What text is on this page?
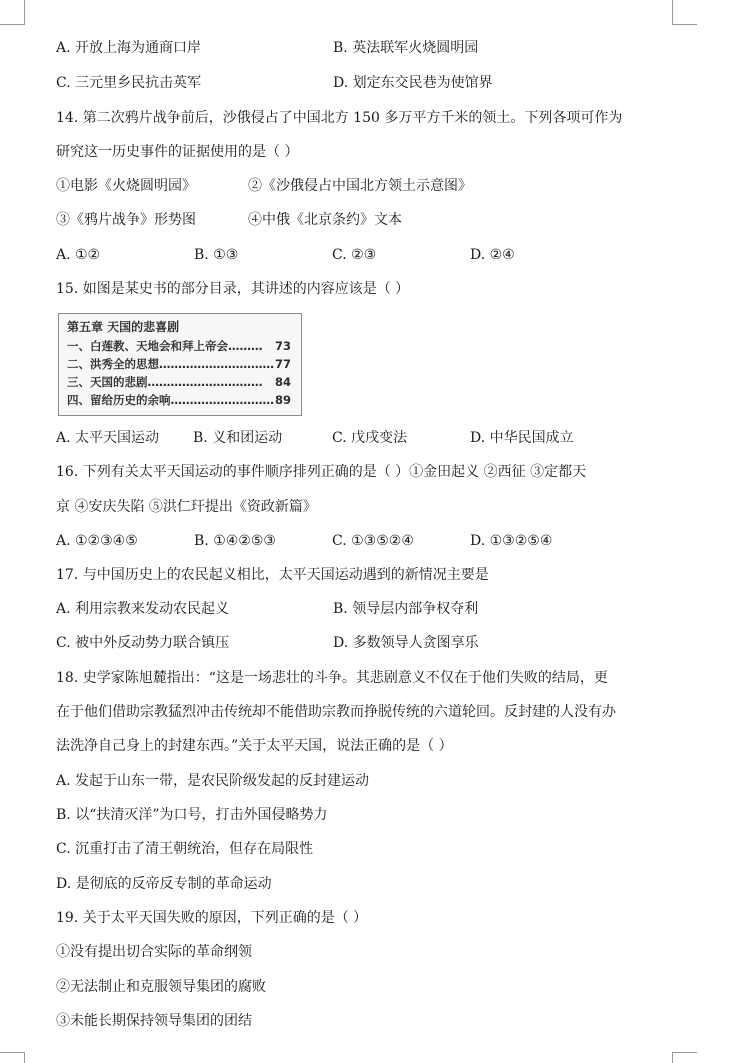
A. 开放上海为通商口岸	B. 英法联军火烧圆明园
C. 三元里乡民抗击英军	D. 划定东交民巷为使馆界
14. 第二次鸦片战争前后，沙俄侵占了中国北方 150 多万平方千米的领土。下列各项可作为
研究这一历史事件的证据使用的是（ ）
①电影《火烧圆明园》	②《沙俄侵占中国北方领土示意图》
③《鸦片战争》形势图	④中俄《北京条约》文本
A. ①②	B. ①③	C. ②③	D. ②④
15. 如图是某史书的部分目录，其讲述的内容应该是（ ）
第五章 天国的悲喜剧
一、白莲教、天地会和拜上帝会……… 73
二、洪秀全的思想………………………… 77
三、天国的悲剧………………………… 84
四、留给历史的余响……………………… 89
A. 太平天国运动 B. 义和团运动	C. 戊戌变法	D. 中华民国成立
16. 下列有关太平天国运动的事件顺序排列正确的是（ ）①金田起义 ②西征 ③定都天
京 ④安庆失陷 ⑤洪仁玕提出《资政新篇》
A. ①②③④⑤	B. ①④②⑤③	C. ①③⑤②④	D. ①③②⑤④
17. 与中国历史上的农民起义相比，太平天国运动遇到的新情况主要是
A. 利用宗教来发动农民起义	B. 领导层内部争权夺利
C. 被中外反动势力联合镇压	D. 多数领导人贪图享乐
18. 史学家陈旭麓指出：“这是一场悲壮的斗争。其悲剧意义不仅在于他们失败的结局，更
在于他们借助宗教猛烈冲击传统却不能借助宗教而挣脱传统的六道轮回。反封建的人没有办
法洗净自己身上的封建东西。”关于太平天国，说法正确的是（ ）
A. 发起于山东一带，是农民阶级发起的反封建运动
B. 以“扶清灭洋”为口号，打击外国侵略势力
C. 沉重打击了清王朝统治，但存在局限性
D. 是彻底的反帝反专制的革命运动
19. 关于太平天国失败的原因，下列正确的是（ ）
①没有提出切合实际的革命纲领
②无法制止和克服领导集团的腐败
③未能长期保持领导集团的团结
